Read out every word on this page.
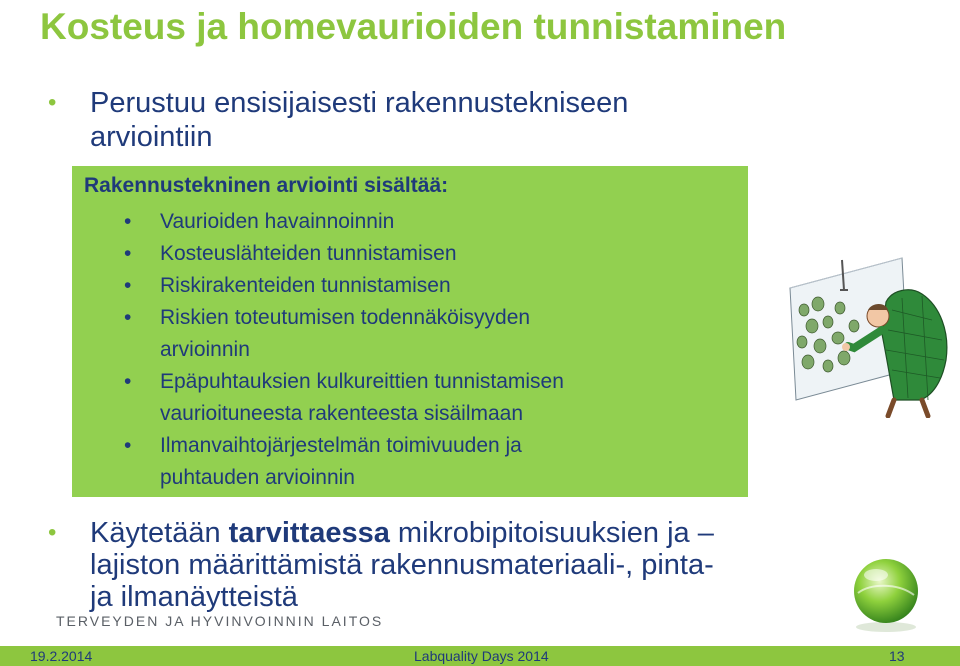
Kosteus ja homevaurioiden tunnistaminen
• Perustuu ensisijaisesti rakennustekniseen
arviointiin
Rakennustekninen arviointi sisältää:
• Vaurioiden havainnoinnin
• Kosteuslähteiden tunnistamisen
• Riskirakenteiden tunnistamisen
• Riskien toteutumisen todennäköisyyden
arvioinnin
• Epäpuhtauksien kulkureittien tunnistamisen
vaurioituneesta rakenteesta sisäilmaan
• Ilmanvaihtojärjestelmän toimivuuden ja
puhtauden arvioinnin
• Käytetään tarvittaessa mikrobipitoisuuksien ja –
lajiston määrittämistä rakennusmateriaali-, pinta-
ja ilmanäytteistä
TERVEYDEN JA HYVINVOINNIN LAITOS
19.2.2014	Labquality Days 2014	13
